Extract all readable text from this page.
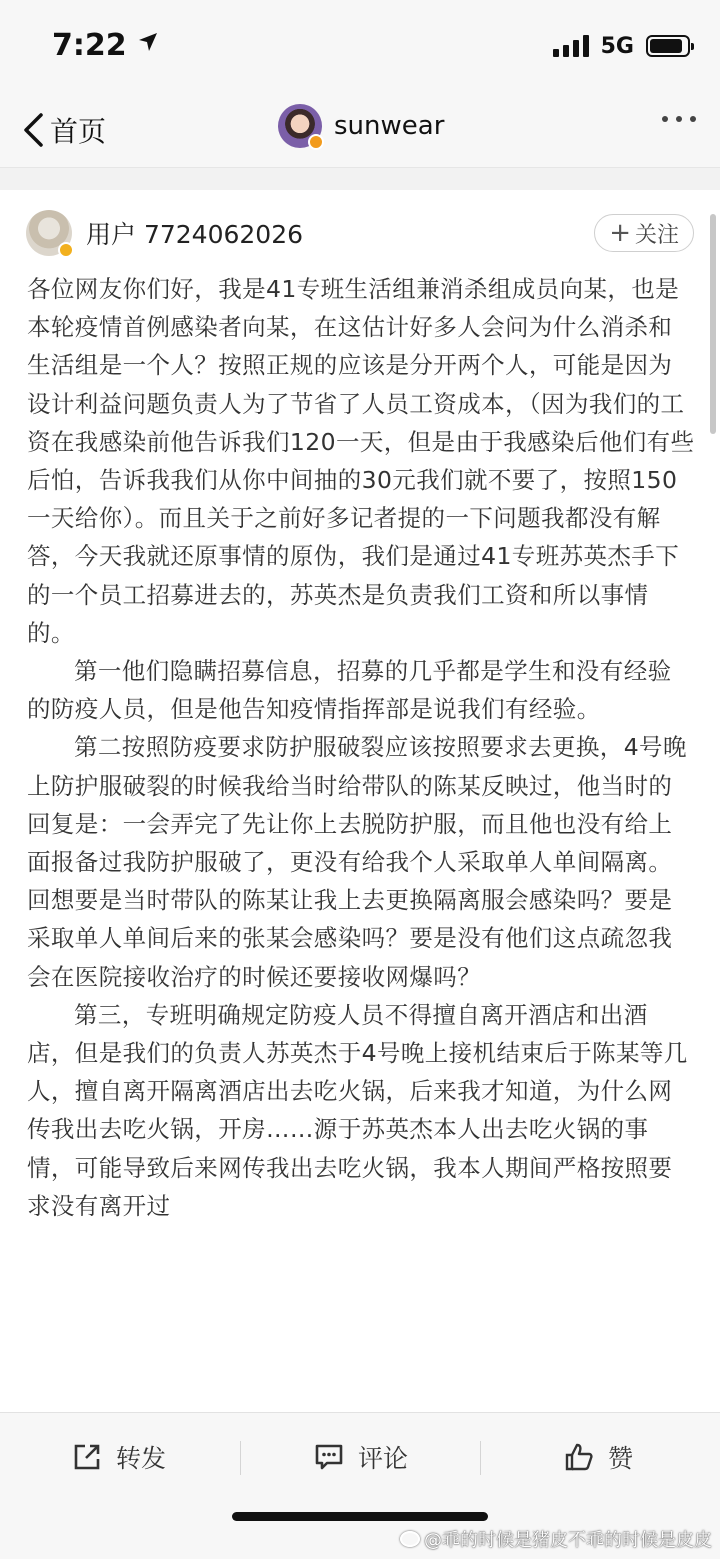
7:22	5G
首页	sunwear
用户 7724062026	+ 关注

各位网友你们好，我是41专班生活组兼消杀组成员向某，也是本轮疫情首例感染者向某，在这估计好多人会问为什么消杀和生活组是一个人？按照正规的应该是分开两个人，可能是因为设计利益问题负责人为了节省了人员工资成本，（因为我们的工资在我感染前他告诉我们120一天，但是由于我感染后他们有些后怕，告诉我我们从你中间抽的30元我们就不要了，按照150一天给你）。而且关于之前好多记者提的一下问题我都没有解答，今天我就还原事情的原伪，我们是通过41专班苏英杰手下的一个员工招募进去的，苏英杰是负责我们工资和所以事情的。

第一他们隐瞒招募信息，招募的几乎都是学生和没有经验的防疫人员，但是他告知疫情指挥部是说我们有经验。

第二按照防疫要求防护服破裂应该按照要求去更换，4号晚上防护服破裂的时候我给当时给带队的陈某反映过，他当时的回复是：一会弄完了先让你上去脱防护服，而且他也没有给上面报备过我防护服破了，更没有给我个人采取单人单间隔离。回想要是当时带队的陈某让我上去更换隔离服会感染吗？要是采取单人单间后来的张某会感染吗？要是没有他们这点疏忽我会在医院接收治疗的时候还要接收网爆吗？

第三，专班明确规定防疫人员不得擅自离开酒店和出酒店，但是我们的负责人苏英杰于4号晚上接机结束后于陈某等几人，擅自离开隔离酒店出去吃火锅，后来我才知道，为什么网传我出去吃火锅，开房……源于苏英杰本人出去吃火锅的事情，可能导致后来网传我出去吃火锅，我本人期间严格按照要求没有离开过

转发	评论	赞
@乖的时候是猪皮不乖的时候是皮皮
